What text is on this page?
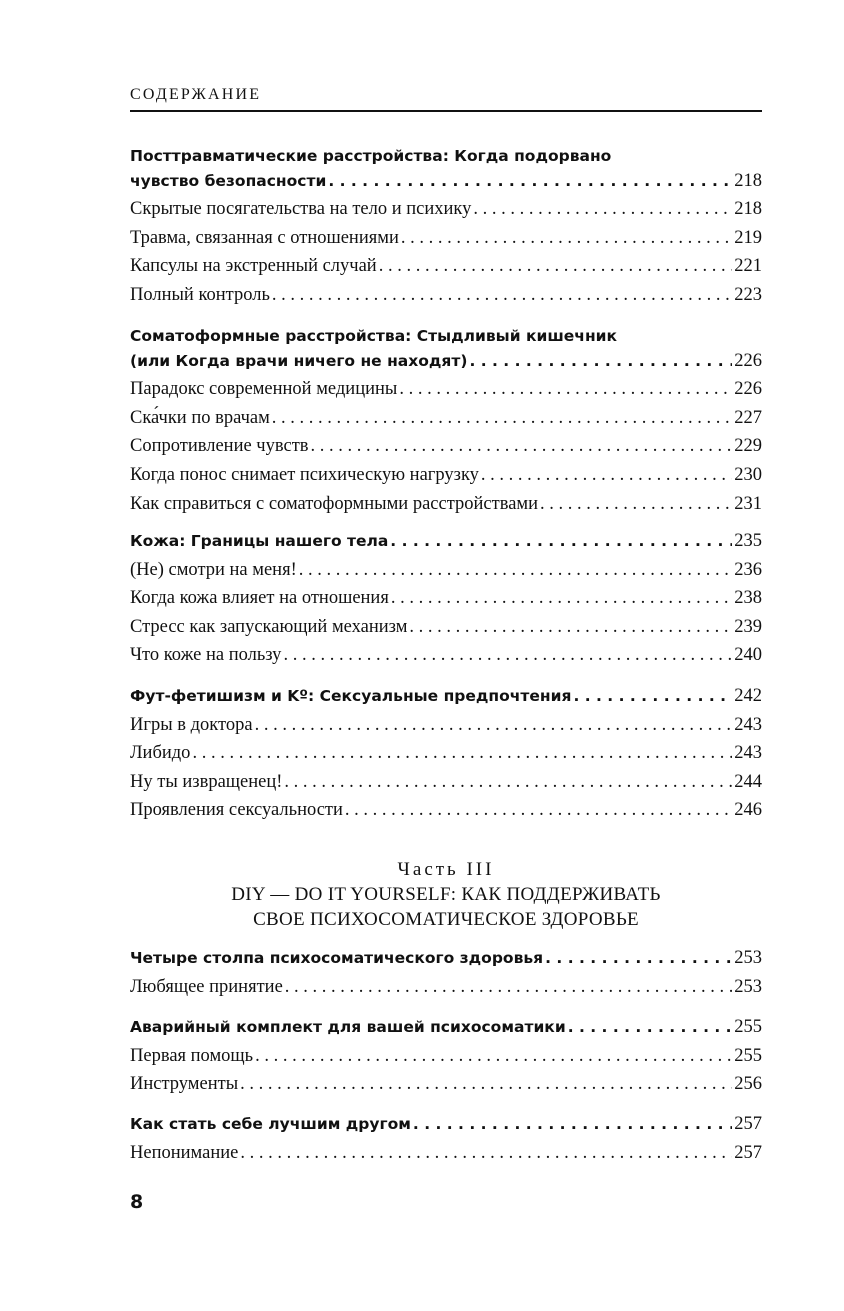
СОДЕРЖАНИЕ
Посттравматические расстройства: Когда подорвано
чувство безопасности . . .	218
Скрытые посягательства на тело и психику . . .	218
Травма, связанная с отношениями . . .	219
Капсулы на экстренный случай . . .	221
Полный контроль . . .	223
Соматоформные расстройства: Стыдливый кишечник
(или Когда врачи ничего не находят) . . .	226
Парадокс современной медицины . . .	226
Ска́чки по врачам . . .	227
Сопротивление чувств . . .	229
Когда понос снимает психическую нагрузку . . .	230
Как справиться с соматоформными расстройствами . . .	231
Кожа: Границы нашего тела . . .	235
(Не) смотри на меня! . . .	236
Когда кожа влияет на отношения . . .	238
Стресс как запускающий механизм . . .	239
Что коже на пользу . . .	240
Фут-фетишизм и Kº: Сексуальные предпочтения . . .	242
Игры в доктора . . .	243
Либидо . . .	243
Ну ты извращенец! . . .	244
Проявления сексуальности . . .	246
Часть III
DIY — DO IT YOURSELF: КАК ПОДДЕРЖИВАТЬ
СВОЕ ПСИХОСОМАТИЧЕСКОЕ ЗДОРОВЬЕ
Четыре столпа психосоматического здоровья . . .	253
Любящее принятие . . .	253
Аварийный комплект для вашей психосоматики . . .	255
Первая помощь . . .	255
Инструменты . . .	256
Как стать себе лучшим другом . . .	257
Непонимание . . .	257
8
